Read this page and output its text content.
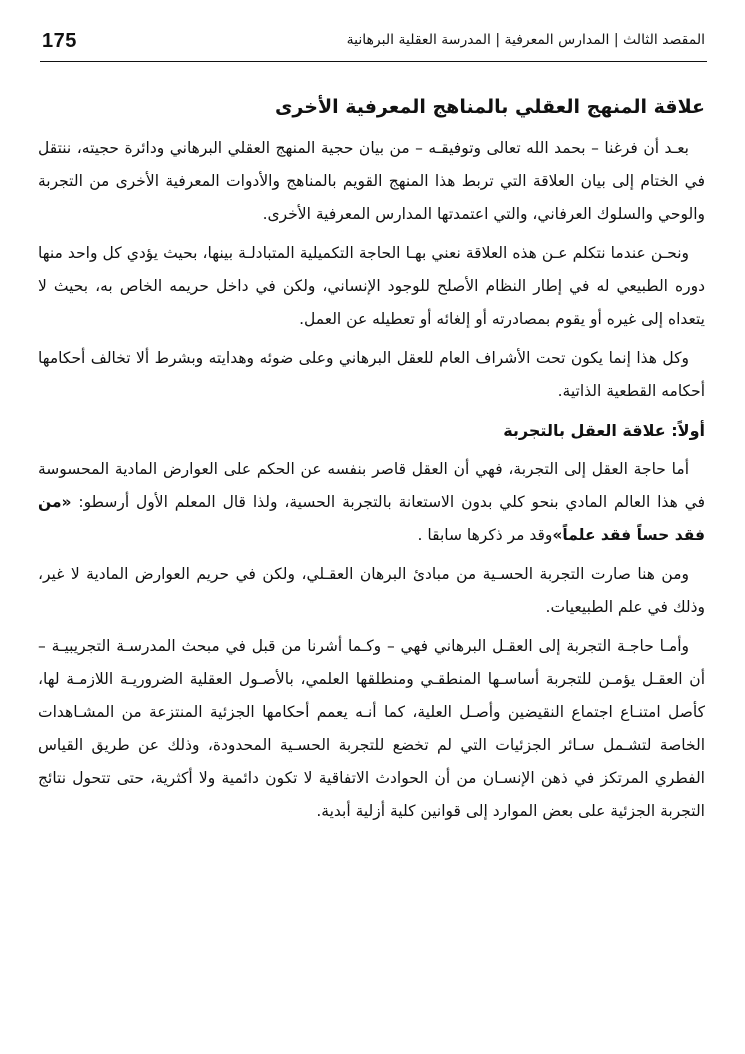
175	المقصد الثالث | المدارس المعرفية | المدرسة العقلية البرهانية
علاقة المنهج العقلي بالمناهج المعرفية الأخرى

بعـد أن فرغنا – بحمد الله تعالى وتوفيقـه – من بيان حجية المنهج العقلي البرهاني ودائرة حجيته، ننتقل في الختام إلى بيان العلاقة التي تربط هذا المنهج القويم بالمناهج والأدوات المعرفية الأخرى من التجربة والوحي والسلوك العرفاني، والتي اعتمدتها المدارس المعرفية الأخرى.

ونحـن عندما نتكلم عـن هذه العلاقة نعني بهـا الحاجة التكميلية المتبادلـة بينها، بحيث يؤدي كل واحد منها دوره الطبيعي له في إطار النظام الأصلح للوجود الإنساني، ولكن في داخل حريمه الخاص به، بحيث لا يتعداه إلى غيره أو يقوم بمصادرته أو إلغائه أو تعطيله عن العمل.

وكل هذا إنما يكون تحت الأشراف العام للعقل البرهاني وعلى ضوئه وهدايته وبشرط ألا تخالف أحكامها أحكامه القطعية الذاتية.

أولاً: علاقة العقل بالتجربة

أما حاجة العقل إلى التجربة، فهي أن العقل قاصر بنفسه عن الحكم على العوارض المادية المحسوسة في هذا العالم المادي بنحو كلي بدون الاستعانة بالتجربة الحسية، ولذا قال المعلم الأول أرسطو: «من فقد حساً فقد علماً»وقد مر ذكرها سابقا .

ومن هنا صارت التجربة الحسـية من مبادئ البرهان العقـلي، ولكن في حريم العوارض المادية لا غير، وذلك في علم الطبيعيات.

وأمـا حاجـة التجربة إلى العقـل البرهاني فهي – وكـما أشرنا من قبل في مبحث المدرسـة التجريبيـة – أن العقـل يؤمـن للتجربة أساسـها المنطقـي ومنطلقها العلمي، بالأصـول العقلية الضروريـة اللازمـة لها، كأصل امتنـاع اجتماع النقيضين وأصـل العلية، كما أنـه يعمم أحكامها الجزئية المنتزعة من المشـاهدات الخاصة لتشـمل سـائر الجزئيات التي لم تخضع للتجربة الحسـية المحدودة، وذلك عن طريق القياس الفطري المرتكز في ذهن الإنسـان من أن الحوادث الاتفاقية لا تكون دائمية ولا أكثرية، حتى تتحول نتائج التجربة الجزئية على بعض الموارد إلى قوانين كلية أزلية أبدية.
